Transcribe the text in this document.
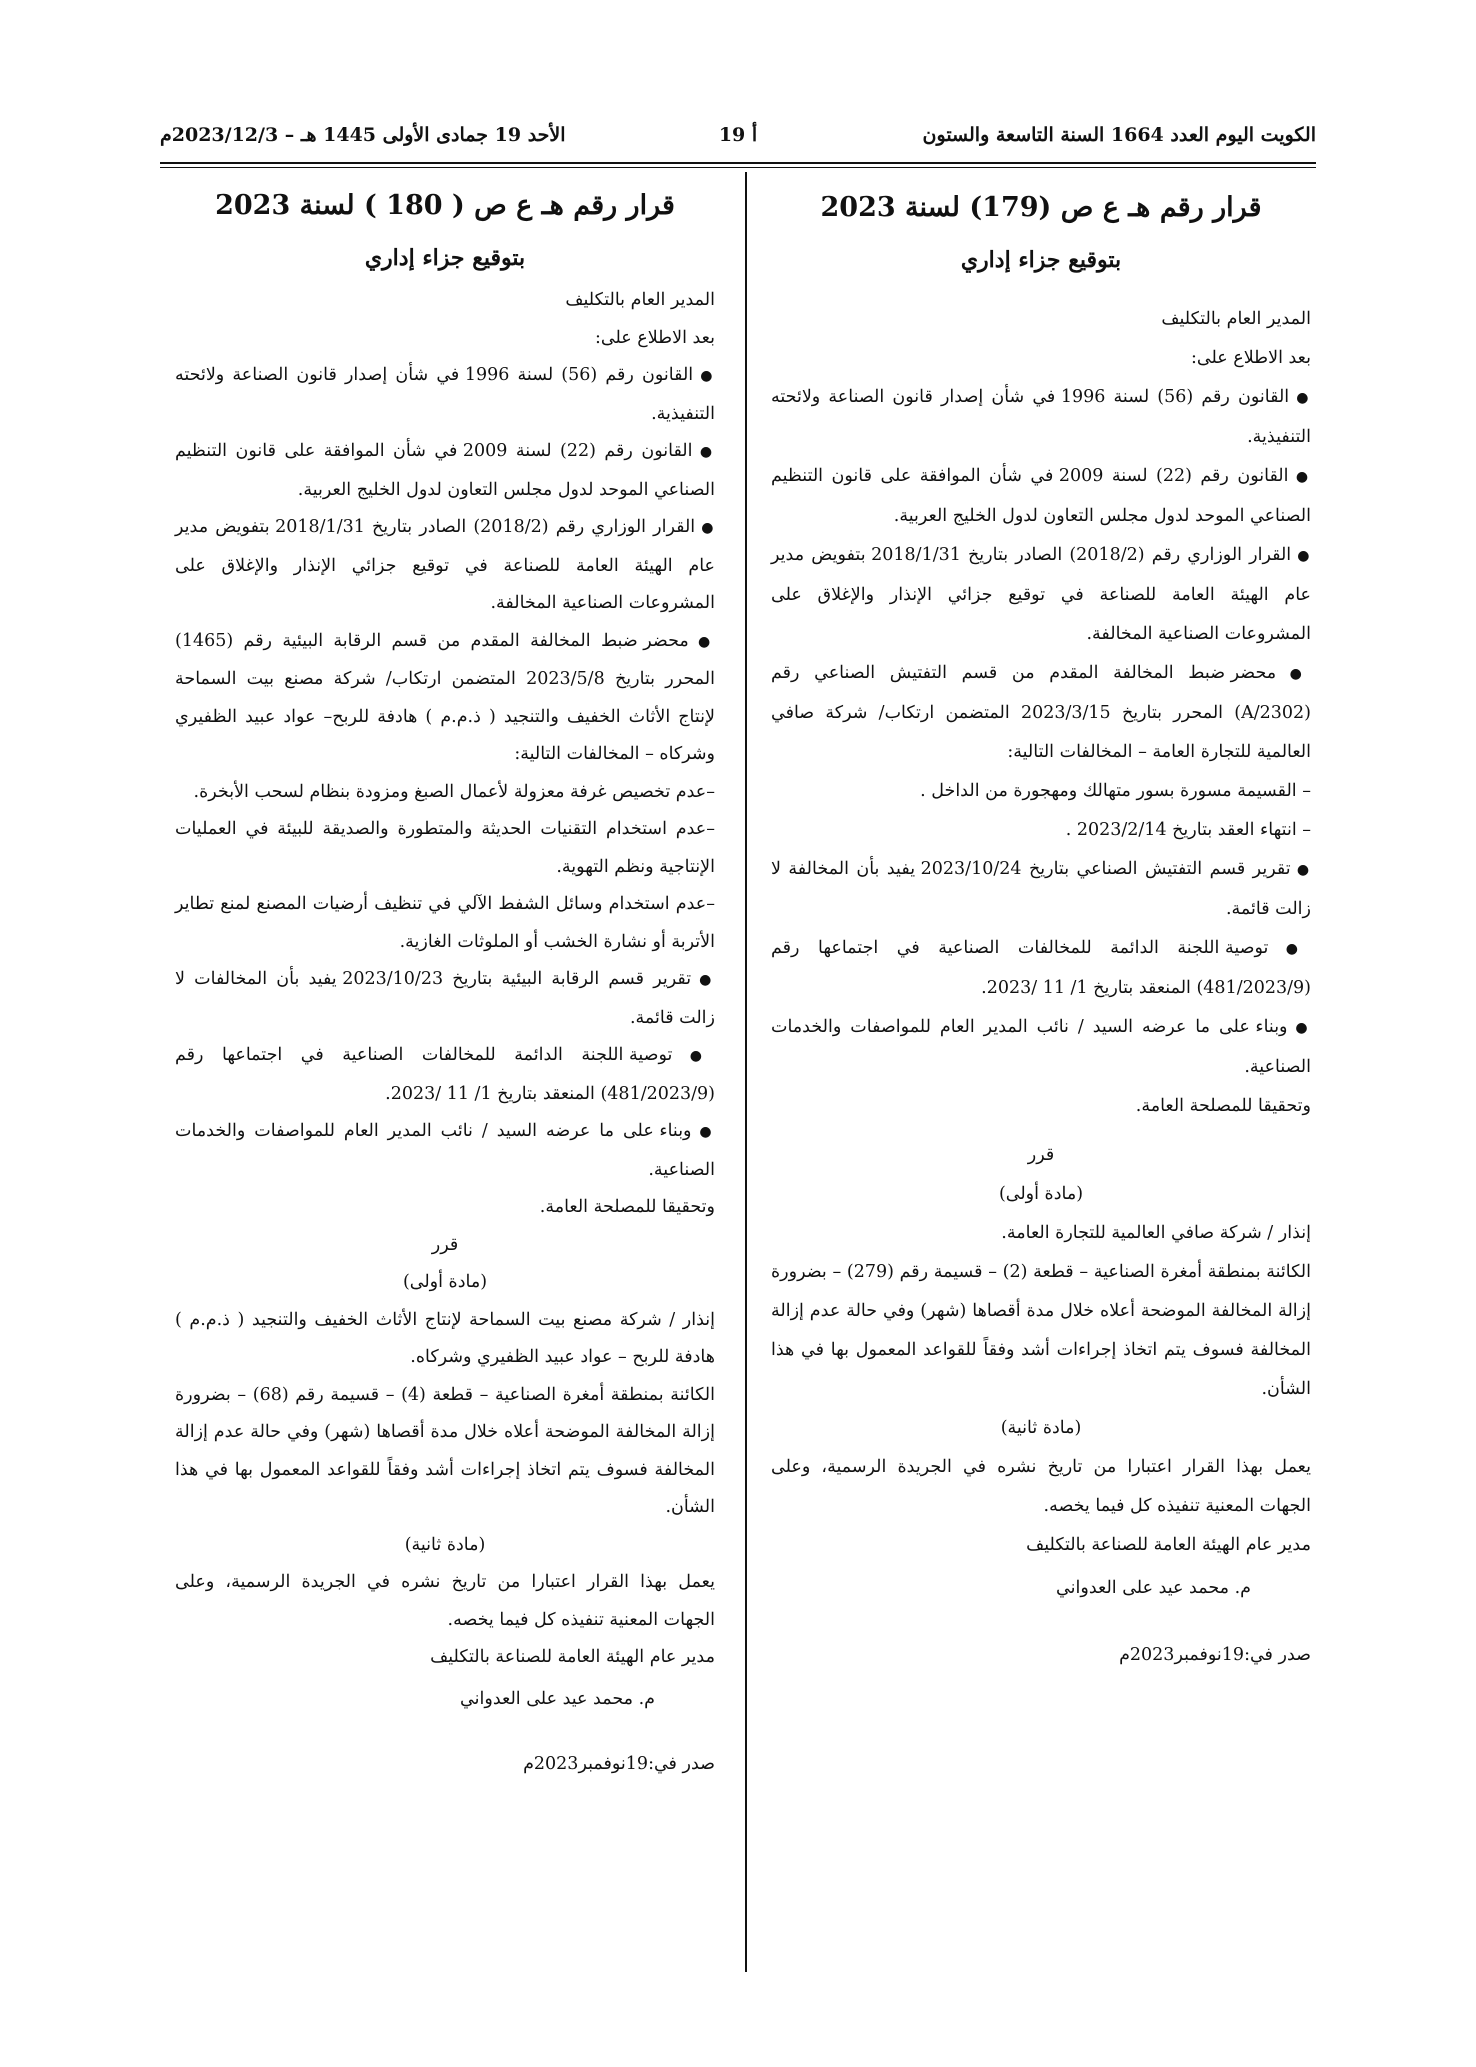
الكويت اليوم العدد 1664 السنة التاسعة والستون
أ 19
الأحد 19 جمادى الأولى 1445 هـ – 2023/12/3م
قرار رقم هـ ع ص (179) لسنة 2023
بتوقيع جزاء إداري

المدير العام بالتكليف

بعد الاطلاع على:

● القانون رقم (56) لسنة 1996 في شأن إصدار قانون الصناعة ولائحته التنفيذية.

● القانون رقم (22) لسنة 2009 في شأن الموافقة على قانون التنظيم الصناعي الموحد لدول مجلس التعاون لدول الخليج العربية.

● القرار الوزاري رقم (2018/2) الصادر بتاريخ 2018/1/31 بتفويض مدير عام الهيئة العامة للصناعة في توقيع جزائي الإنذار والإغلاق على المشروعات الصناعية المخالفة.

● محضر ضبط المخالفة المقدم من قسم التفتيش الصناعي رقم (A/2302) المحرر بتاريخ 2023/3/15 المتضمن ارتكاب/ شركة صافي العالمية للتجارة العامة – المخالفات التالية:

– القسيمة مسورة بسور متهالك ومهجورة من الداخل .

– انتهاء العقد بتاريخ 2023/2/14 .

● تقرير قسم التفتيش الصناعي بتاريخ 2023/10/24 يفيد بأن المخالفة لا زالت قائمة.

● توصية اللجنة الدائمة للمخالفات الصناعية في اجتماعها رقم (481/2023/9) المنعقد بتاريخ 1/ 11 /2023.

● وبناء على ما عرضه السيد / نائب المدير العام للمواصفات والخدمات الصناعية.

وتحقيقا للمصلحة العامة.

قرر

(مادة أولى)

إنذار / شركة صافي العالمية للتجارة العامة.

الكائنة بمنطقة أمغرة الصناعية – قطعة (2) – قسيمة رقم (279) – بضرورة إزالة المخالفة الموضحة أعلاه خلال مدة أقصاها (شهر) وفي حالة عدم إزالة المخالفة فسوف يتم اتخاذ إجراءات أشد وفقاً للقواعد المعمول بها في هذا الشأن.

(مادة ثانية)

يعمل بهذا القرار اعتبارا من تاريخ نشره في الجريدة الرسمية، وعلى الجهات المعنية تنفيذه كل فيما يخصه.

مدير عام الهيئة العامة للصناعة بالتكليف

م. محمد عيد على العدواني

صدر في:19نوفمبر2023م

قرار رقم هـ ع ص ( 180 ) لسنة 2023
بتوقيع جزاء إداري

المدير العام بالتكليف

بعد الاطلاع على:

● القانون رقم (56) لسنة 1996 في شأن إصدار قانون الصناعة ولائحته التنفيذية.

● القانون رقم (22) لسنة 2009 في شأن الموافقة على قانون التنظيم الصناعي الموحد لدول مجلس التعاون لدول الخليج العربية.

● القرار الوزاري رقم (2018/2) الصادر بتاريخ 2018/1/31 بتفويض مدير عام الهيئة العامة للصناعة في توقيع جزائي الإنذار والإغلاق على المشروعات الصناعية المخالفة.

● محضر ضبط المخالفة المقدم من قسم الرقابة البيئية رقم (1465) المحرر بتاريخ 2023/5/8 المتضمن ارتكاب/ شركة مصنع بيت السماحة لإنتاج الأثاث الخفيف والتنجيد ( ذ.م.م ) هادفة للربح– عواد عبيد الظفيري وشركاه – المخالفات التالية:

–عدم تخصيص غرفة معزولة لأعمال الصبغ ومزودة بنظام لسحب الأبخرة.

–عدم استخدام التقنيات الحديثة والمتطورة والصديقة للبيئة في العمليات الإنتاجية ونظم التهوية.

–عدم استخدام وسائل الشفط الآلي في تنظيف أرضيات المصنع لمنع تطاير الأتربة أو نشارة الخشب أو الملوثات الغازية.

● تقرير قسم الرقابة البيئية بتاريخ 2023/10/23 يفيد بأن المخالفات لا زالت قائمة.

● توصية اللجنة الدائمة للمخالفات الصناعية في اجتماعها رقم (481/2023/9) المنعقد بتاريخ 1/ 11 /2023.

● وبناء على ما عرضه السيد / نائب المدير العام للمواصفات والخدمات الصناعية.

وتحقيقا للمصلحة العامة.

قرر

(مادة أولى)

إنذار / شركة مصنع بيت السماحة لإنتاج الأثاث الخفيف والتنجيد ( ذ.م.م ) هادفة للربح – عواد عبيد الظفيري وشركاه.

الكائنة بمنطقة أمغرة الصناعية – قطعة (4) – قسيمة رقم (68) – بضرورة إزالة المخالفة الموضحة أعلاه خلال مدة أقصاها (شهر) وفي حالة عدم إزالة المخالفة فسوف يتم اتخاذ إجراءات أشد وفقاً للقواعد المعمول بها في هذا الشأن.

(مادة ثانية)

يعمل بهذا القرار اعتبارا من تاريخ نشره في الجريدة الرسمية، وعلى الجهات المعنية تنفيذه كل فيما يخصه.

مدير عام الهيئة العامة للصناعة بالتكليف

م. محمد عيد على العدواني

صدر في:19نوفمبر2023م
